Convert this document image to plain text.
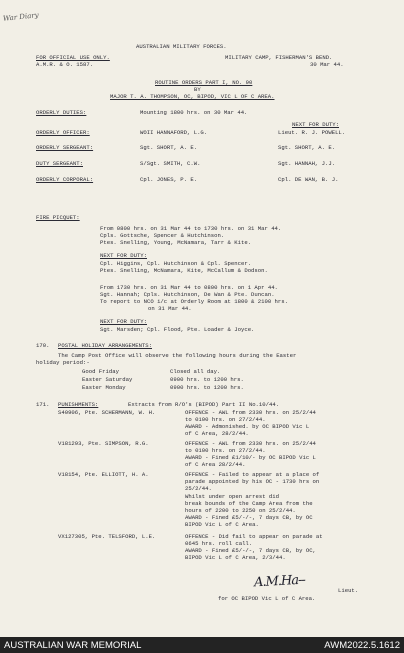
War Diary
AUSTRALIAN MILITARY FORCES.
FOR OFFICIAL USE ONLY.
A.M.R. & O. 1587.
MILITARY CAMP, FISHERMAN'S BEND.
30 Mar 44.
ROUTINE ORDERS PART I, NO. 90
BY
MAJOR T. A. THOMPSON, OC, BIPOD, VIC L OF C AREA.
ORDERLY DUTIES:	Mounting 1800 hrs. on 30 Mar 44.
NEXT FOR DUTY:
ORDERLY OFFICER:	WOII HANNAFORD, L.G.	Lieut. R. J. POWELL.
ORDERLY SERGEANT:	Sgt. SHORT, A. E.	Sgt. SHORT, A. E.
DUTY SERGEANT:	S/Sgt. SMITH, C.W.	Sgt. HANNAH, J.J.
ORDERLY CORPORAL:	Cpl. JONES, P. E.	Cpl. DE WAN, B. J.
FIRE PICQUET:
From 0800 hrs. on 31 Mar 44 to 1730 hrs. on 31 Mar 44.
Cpls. Gottsche, Spencer & Hutchinson.
Ptes. Snelling, Young, McNamara, Tarr & Kite.
NEXT FOR DUTY:
Cpl. Higgins, Cpl. Hutchinson & Cpl. Spencer.
Ptes. Snelling, McNamara, Kite, McCallum & Dodson.
From 1730 hrs. on 31 Mar 44 to 0800 hrs. on 1 Apr 44.
Sgt. Hannah; Cpls. Hutchinson, De Wan & Pte. Duncan.
To report to NCO i/c at Orderly Room at 1800 & 2100 hrs.
on 31 Mar 44.
NEXT FOR DUTY:
Sgt. Marsden; Cpl. Flood, Pte. Loader & Joyce.
170. POSTAL HOLIDAY ARRANGEMENTS:
The Camp Post Office will observe the following hours during the Easter
holiday period:-
Good Friday	Closed all day.
Easter Saturday	0900 hrs. to 1200 hrs.
Easter Monday	0900 hrs. to 1200 hrs.
171. PUNISHMENTS:	Extracts from R/O's (BIPOD) Part II No.10/44.
S40906, Pte. SCHERMANN, W. H.	OFFENCE - AWL from 2330 hrs. on 25/2/44
to 0100 hrs. on 27/2/44.
AWARD - Admonished. by OC BIPOD Vic L
of C Area, 28/2/44.
V181293, Pte. SIMPSON, R.G.	OFFENCE - AWL from 2330 hrs. on 25/2/44
to 0100 hrs. on 27/2/44.
AWARD - Fined £1/10/- by OC BIPOD Vic L
of C Area 28/2/44.
V18154, Pte. ELLIOTT, H. A.	OFFENCE - Failed to appear at a place of
parade appointed by his OC - 1730 hrs on
25/2/44.
Whilst under open arrest did
break bounds of the Camp Area from the
hours of 2200 to 2250 on 25/2/44.
AWARD - Fined £5/-/-, 7 days CB, by OC
BIPOD Vic L of C Area.
VX127305, Pte. TELSFORD, L.E.	OFFENCE - Did fail to appear on parade at
0645 hrs. roll call.
AWARD - Fined £5/-/-, 7 days CB, by OC,
BIPOD Vic L of C Area, 2/3/44.
A.M.Ha--
Lieut.
for OC BIPOD Vic L of C Area.
AUSTRALIAN WAR MEMORIAL	AWM2022.5.1612
